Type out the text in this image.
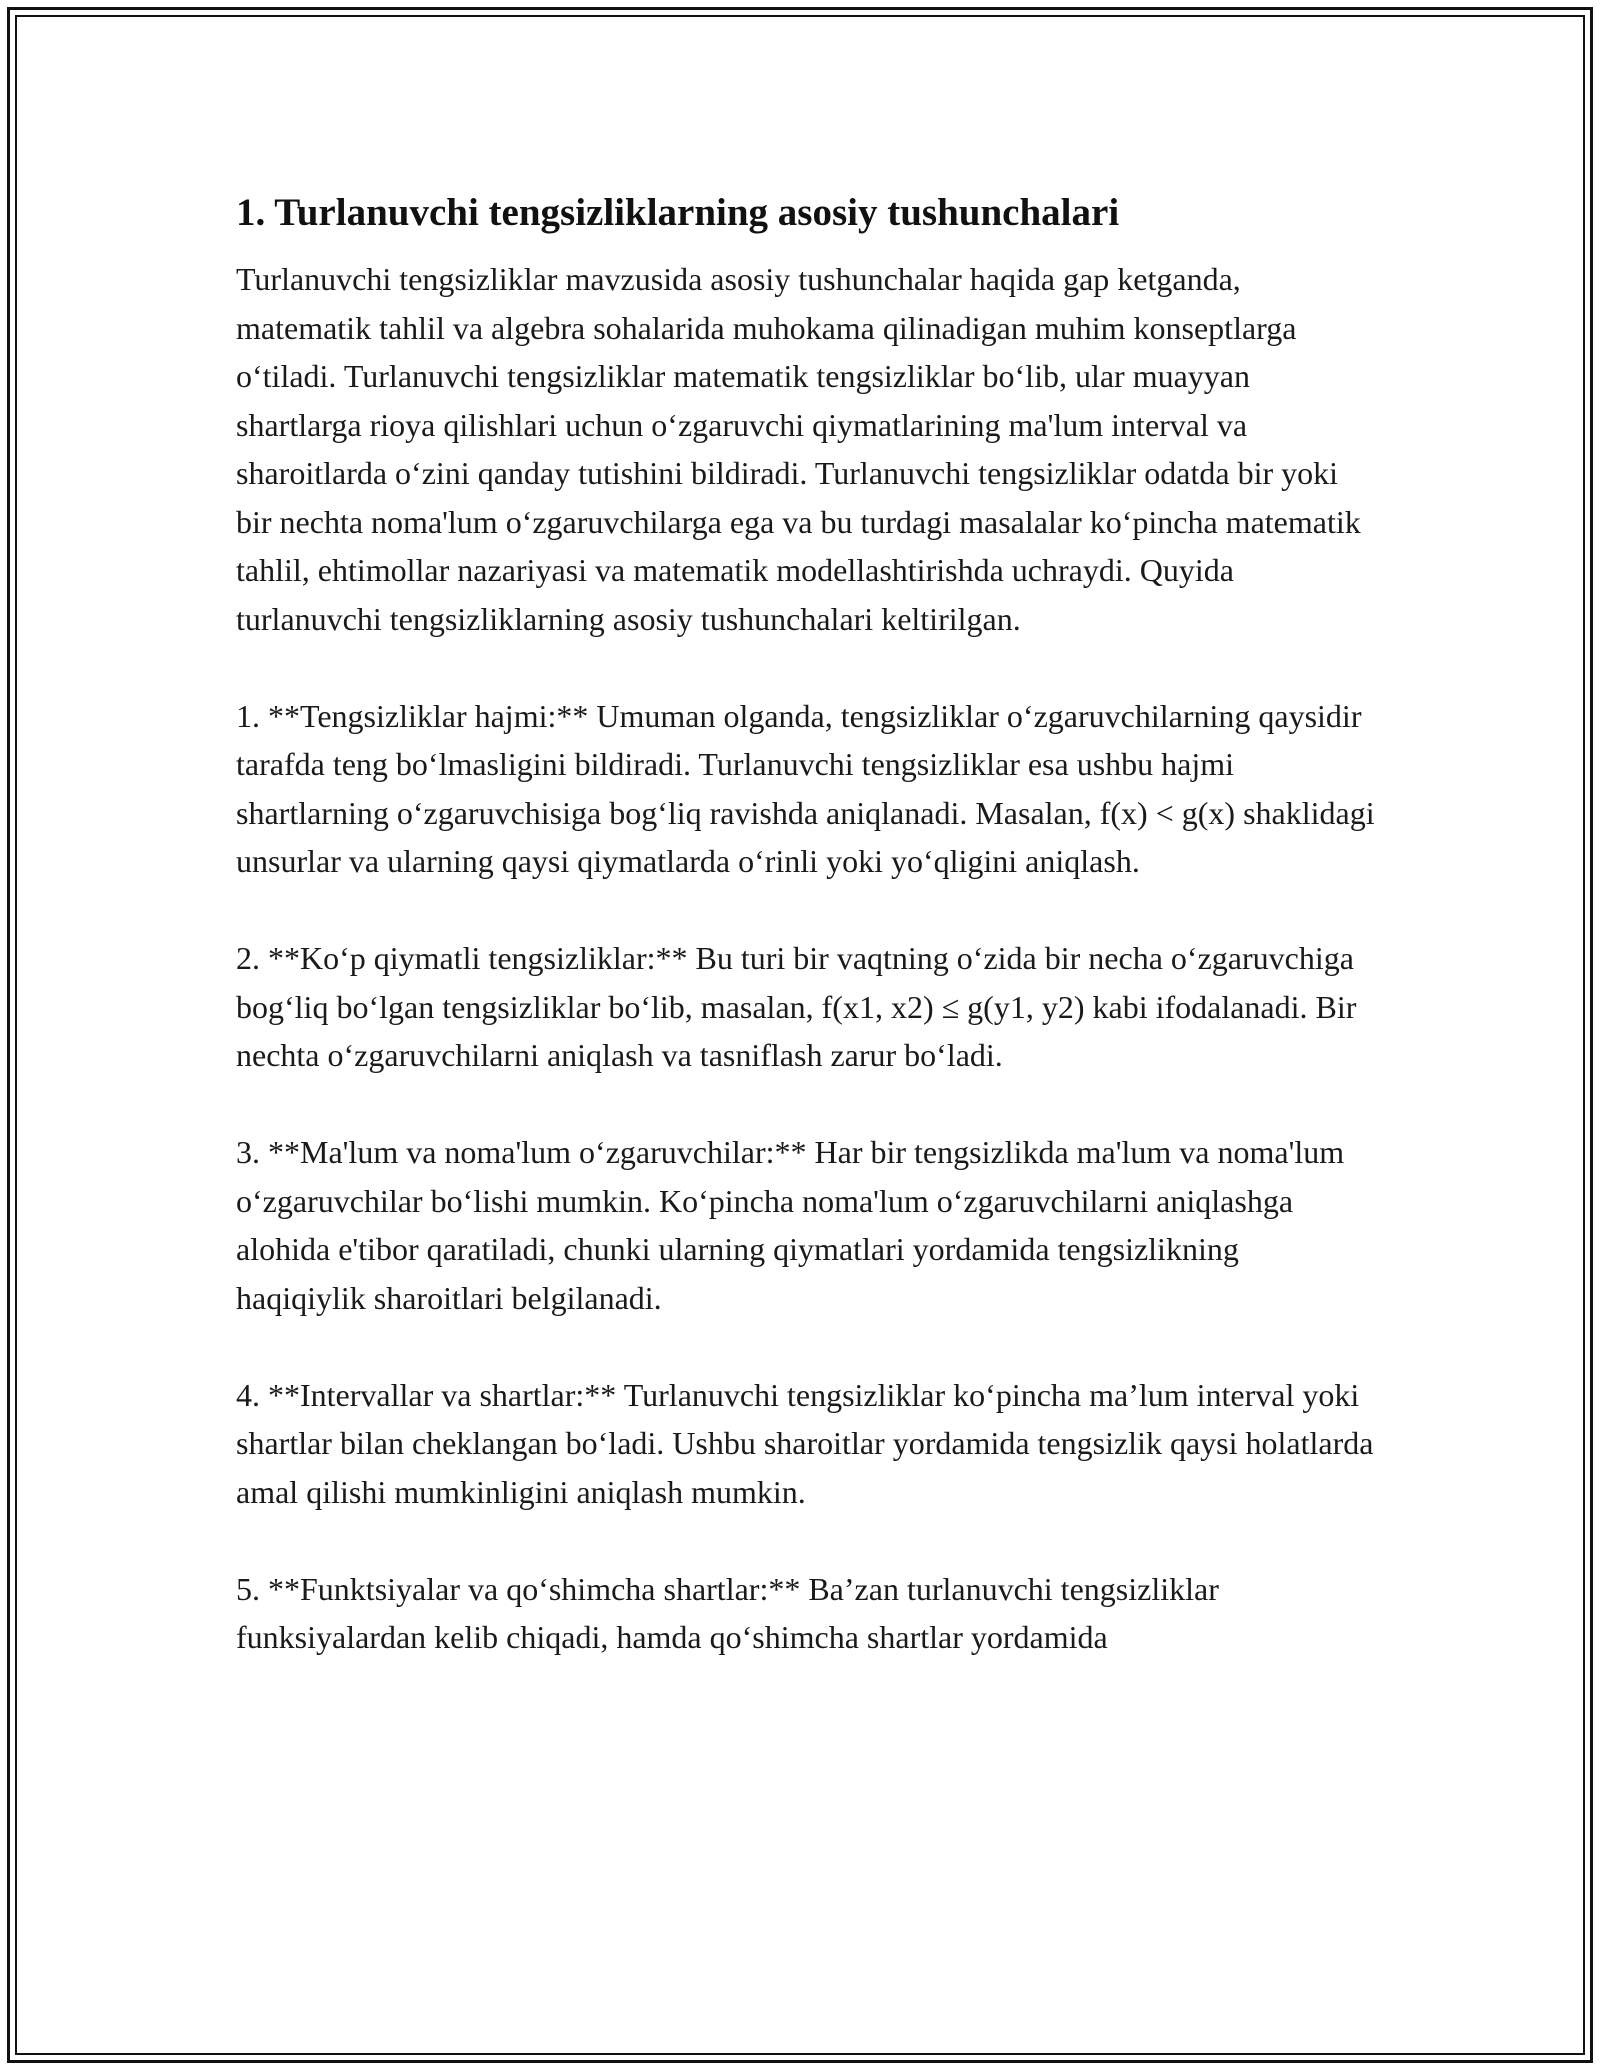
1. Turlanuvchi tengsizliklarning asosiy tushunchalari

Turlanuvchi tengsizliklar mavzusida asosiy tushunchalar haqida gap ketganda, matematik tahlil va algebra sohalarida muhokama qilinadigan muhim konseptlarga o‘tiladi. Turlanuvchi tengsizliklar matematik tengsizliklar bo‘lib, ular muayyan shartlarga rioya qilishlari uchun o‘zgaruvchi qiymatlarining ma'lum interval va sharoitlarda o‘zini qanday tutishini bildiradi. Turlanuvchi tengsizliklar odatda bir yoki bir nechta noma'lum o‘zgaruvchilarga ega va bu turdagi masalalar ko‘pincha matematik tahlil, ehtimollar nazariyasi va matematik modellashtirishda uchraydi. Quyida turlanuvchi tengsizliklarning asosiy tushunchalari keltirilgan.

1. **Tengsizliklar hajmi:** Umuman olganda, tengsizliklar o‘zgaruvchilarning qaysidir tarafda teng bo‘lmasligini bildiradi. Turlanuvchi tengsizliklar esa ushbu hajmi shartlarning o‘zgaruvchisiga bog‘liq ravishda aniqlanadi. Masalan, f(x) < g(x) shaklidagi unsurlar va ularning qaysi qiymatlarda o‘rinli yoki yo‘qligini aniqlash.

2. **Ko‘p qiymatli tengsizliklar:** Bu turi bir vaqtning o‘zida bir necha o‘zgaruvchiga bog‘liq bo‘lgan tengsizliklar bo‘lib, masalan, f(x1, x2) ≤ g(y1, y2) kabi ifodalanadi. Bir nechta o‘zgaruvchilarni aniqlash va tasniflash zarur bo‘ladi.

3. **Ma'lum va noma'lum o‘zgaruvchilar:** Har bir tengsizlikda ma'lum va noma'lum o‘zgaruvchilar bo‘lishi mumkin. Ko‘pincha noma'lum o‘zgaruvchilarni aniqlashga alohida e'tibor qaratiladi, chunki ularning qiymatlari yordamida tengsizlikning haqiqiylik sharoitlari belgilanadi.

4. **Intervallar va shartlar:** Turlanuvchi tengsizliklar ko‘pincha ma’lum interval yoki shartlar bilan cheklangan bo‘ladi. Ushbu sharoitlar yordamida tengsizlik qaysi holatlarda amal qilishi mumkinligini aniqlash mumkin.

5. **Funktsiyalar va qo‘shimcha shartlar:** Ba’zan turlanuvchi tengsizliklar funksiyalardan kelib chiqadi, hamda qo‘shimcha shartlar yordamida
